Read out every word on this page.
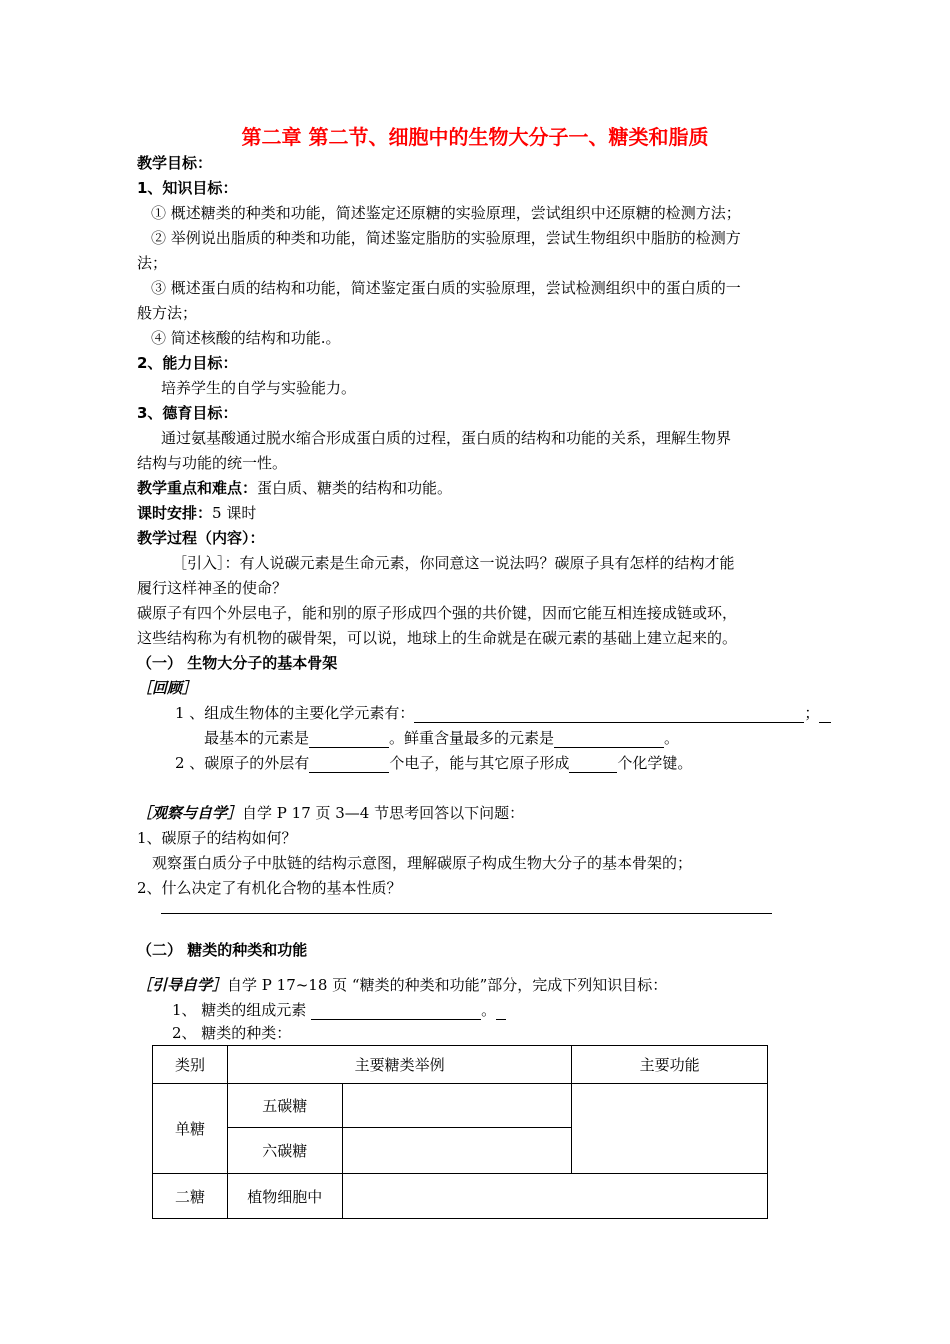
第二章 第二节、细胞中的生物大分子一、糖类和脂质
教学目标：
1、知识目标：
① 概述糖类的种类和功能，简述鉴定还原糖的实验原理，尝试组织中还原糖的检测方法；
② 举例说出脂质的种类和功能，简述鉴定脂肪的实验原理，尝试生物组织中脂肪的检测方
法；
③ 概述蛋白质的结构和功能，简述鉴定蛋白质的实验原理，尝试检测组织中的蛋白质的一
般方法；
④ 简述核酸的结构和功能.。
2、能力目标：
培养学生的自学与实验能力。
3、德育目标：
通过氨基酸通过脱水缩合形成蛋白质的过程，蛋白质的结构和功能的关系，理解生物界
结构与功能的统一性。
教学重点和难点：蛋白质、糖类的结构和功能。
课时安排：5 课时
教学过程（内容）：
［引入］：有人说碳元素是生命元素，你同意这一说法吗？碳原子具有怎样的结构才能
履行这样神圣的使命？
碳原子有四个外层电子，能和别的原子形成四个强的共价键，因而它能互相连接成链或环，
这些结构称为有机物的碳骨架，可以说，地球上的生命就是在碳元素的基础上建立起来的。
（一） 生物大分子的基本骨架
［回顾］
1 、组成生物体的主要化学元素有：	；
最基本的元素是	。鲜重含量最多的元素是	。
2 、碳原子的外层有	个电子，能与其它原子形成	个化学键。
［观察与自学］自学 P 17 页 3—4 节思考回答以下问题：
1、碳原子的结构如何？
观察蛋白质分子中肽链的结构示意图，理解碳原子构成生物大分子的基本骨架的；
2、什么决定了有机化合物的基本性质？
（二） 糖类的种类和功能
［引导自学］自学 P 17~18 页 “糖类的种类和功能”部分，完成下列知识目标：
1、 糖类的组成元素	。
2、 糖类的种类：
类别	主要糖类举例		主要功能
单糖	五碳糖		
	六碳糖		
二糖	植物细胞中		
